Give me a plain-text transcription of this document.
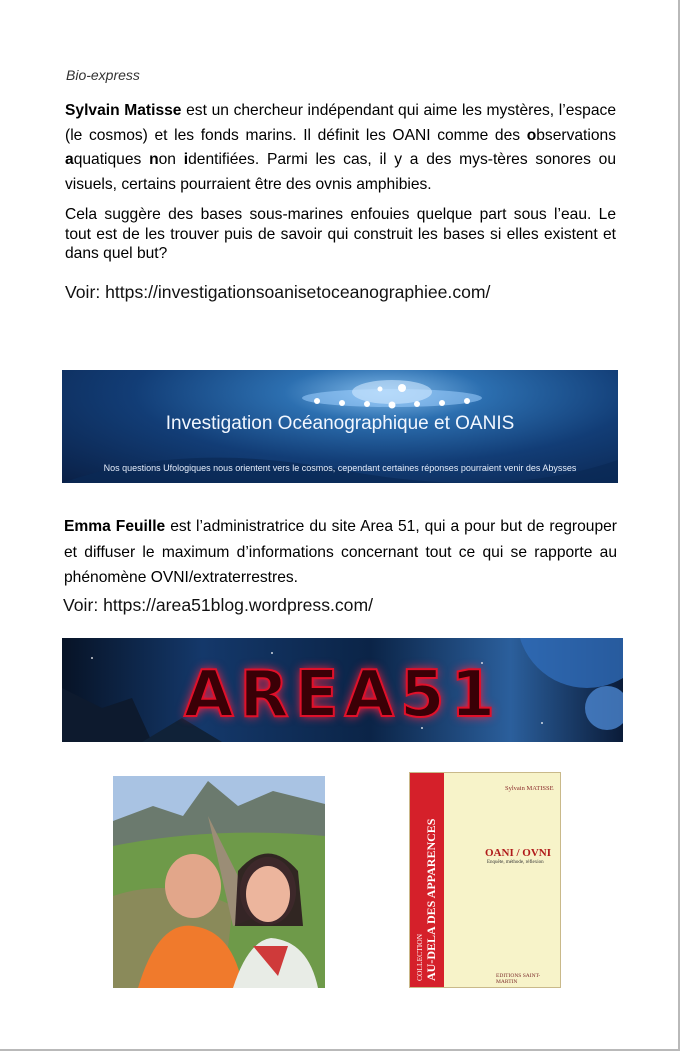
Bio-express

Sylvain Matisse est un chercheur indépendant qui aime les mystères, l’espace (le cosmos) et les fonds marins. Il définit les OANI comme des observations aquatiques non identifiées. Parmi les cas, il y a des mys-tères sonores ou visuels, certains pourraient être des ovnis amphibies.

Cela suggère des bases sous-marines enfouies quelque part sous l’eau. Le tout est de les trouver puis de savoir qui construit les bases si elles existent et dans quel but?

Voir: https://investigationsoanisetoceanographiee.com/
Investigation Océanographique et OANIS
Nos questions Ufologiques nous orientent vers le cosmos, cependant certaines réponses pourraient venir des Abysses

Emma Feuille est l’administratrice du site Area 51, qui a pour but de regrouper et diffuser le maximum d’informations concernant tout ce qui se rapporte au phénomène OVNI/extraterrestres.

Voir: https://area51blog.wordpress.com/
AREA51
COLLECTION AU-DELA DES APPARENCES
Sylvain MATISSE
OANI / OVNI
Enquête, méthode, réflexion
EDITIONS SAINT-MARTIN
